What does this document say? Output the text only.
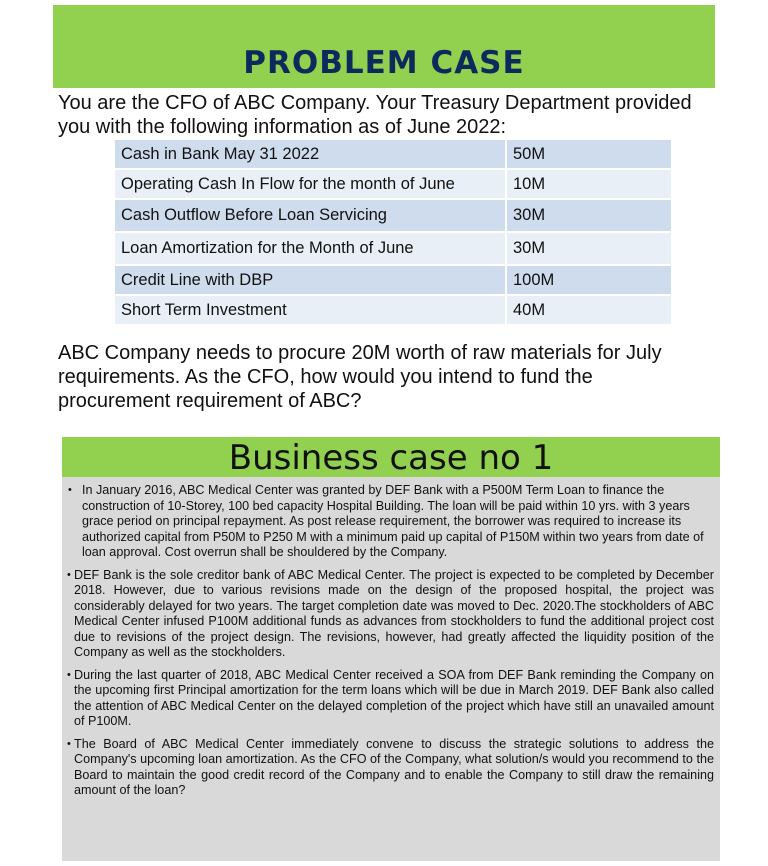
PROBLEM CASE

You are the CFO of ABC Company. Your Treasury Department provided you with the following information as of June 2022:

Cash in Bank May 31 2022	50M
Operating Cash In Flow for the month of June	10M
Cash Outflow Before Loan Servicing	30M
Loan Amortization for the Month of June	30M
Credit Line with DBP	100M
Short Term Investment	40M

ABC Company needs to procure 20M worth of raw materials for July requirements. As the CFO, how would you intend to fund the procurement requirement of ABC?

Business case no 1
• In January 2016, ABC Medical Center was granted by DEF Bank with a P500M Term Loan to finance the construction of 10-Storey, 100 bed capacity Hospital Building. The loan will be paid within 10 yrs. with 3 years grace period on principal repayment. As post release requirement, the borrower was required to increase its authorized capital from P50M to P250 M with a minimum paid up capital of P150M within two years from date of loan approval. Cost overrun shall be shouldered by the Company.
• DEF Bank is the sole creditor bank of ABC Medical Center. The project is expected to be completed by December 2018. However, due to various revisions made on the design of the proposed hospital, the project was considerably delayed for two years. The target completion date was moved to Dec. 2020.The stockholders of ABC Medical Center infused P100M additional funds as advances from stockholders to fund the additional project cost due to revisions of the project design. The revisions, however, had greatly affected the liquidity position of the Company as well as the stockholders.
• During the last quarter of 2018, ABC Medical Center received a SOA from DEF Bank reminding the Company on the upcoming first Principal amortization for the term loans which will be due in March 2019. DEF Bank also called the attention of ABC Medical Center on the delayed completion of the project which have still an unavailed amount of P100M.
• The Board of ABC Medical Center immediately convene to discuss the strategic solutions to address the Company's upcoming loan amortization. As the CFO of the Company, what solution/s would you recommend to the Board to maintain the good credit record of the Company and to enable the Company to still draw the remaining amount of the loan?
